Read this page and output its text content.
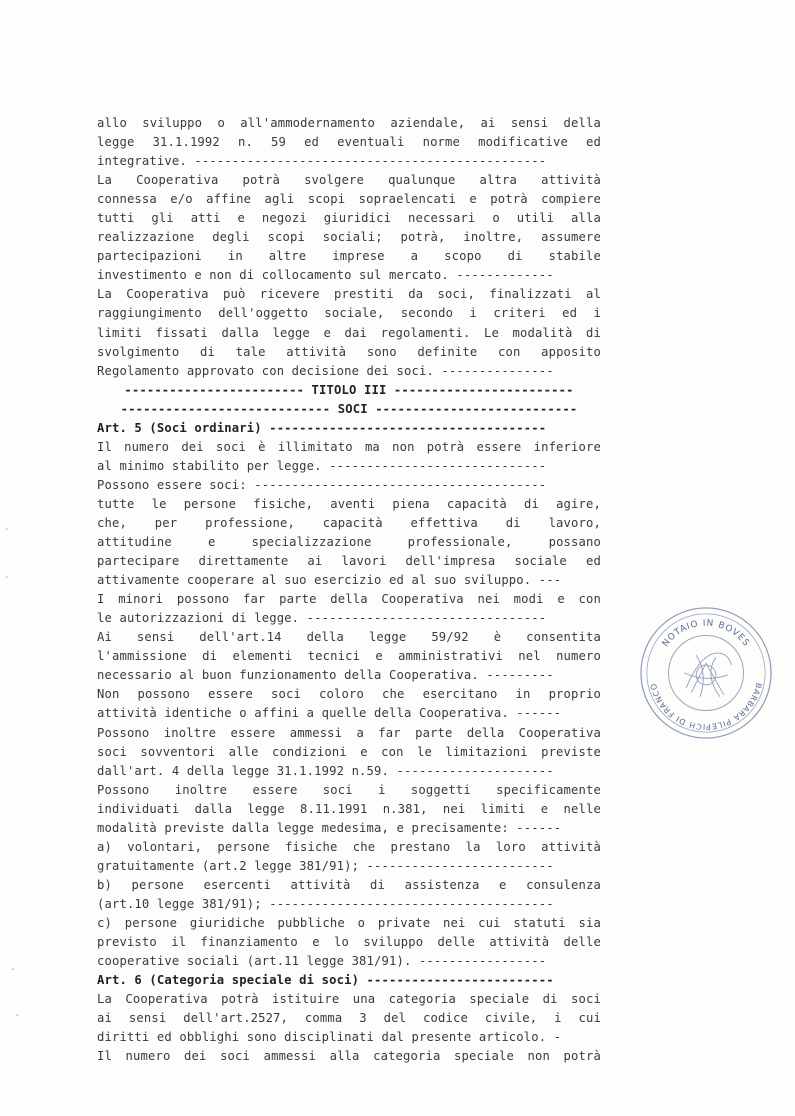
allo sviluppo o all'ammodernamento aziendale, ai sensi della
legge 31.1.1992 n. 59 ed eventuali norme modificative ed
integrative. -----------------------------------------------
La Cooperativa potrà svolgere qualunque altra attività
connessa e/o affine agli scopi sopraelencati e potrà compiere
tutti gli atti e negozi giuridici necessari o utili alla
realizzazione degli scopi sociali; potrà, inoltre, assumere
partecipazioni in altre imprese a scopo di stabile
investimento e non di collocamento sul mercato. -------------
La Cooperativa può ricevere prestiti da soci, finalizzati al
raggiungimento dell'oggetto sociale, secondo i criteri ed i
limiti fissati dalla legge e dai regolamenti. Le modalità di
svolgimento di tale attività sono definite con apposito
Regolamento approvato con decisione dei soci. ---------------
------------------------ TITOLO III ------------------------
---------------------------- SOCI ---------------------------
Art. 5 (Soci ordinari) -------------------------------------
Il numero dei soci è illimitato ma non potrà essere inferiore
al minimo stabilito per legge. -----------------------------
Possono essere soci: ---------------------------------------
tutte le persone fisiche, aventi piena capacità di agire,
che, per professione, capacità effettiva di lavoro,
attitudine e specializzazione professionale, possano
partecipare direttamente ai lavori dell'impresa sociale ed
attivamente cooperare al suo esercizio ed al suo sviluppo. ---
I minori possono far parte della Cooperativa nei modi e con
le autorizzazioni di legge. --------------------------------
Ai sensi dell'art.14 della legge 59/92 è consentita
l'ammissione di elementi tecnici e amministrativi nel numero
necessario al buon funzionamento della Cooperativa. ---------
Non possono essere soci coloro che esercitano in proprio
attività identiche o affini a quelle della Cooperativa. ------
Possono inoltre essere ammessi a far parte della Cooperativa
soci sovventori alle condizioni e con le limitazioni previste
dall'art. 4 della legge 31.1.1992 n.59. ---------------------
Possono inoltre essere soci i soggetti specificamente
individuati dalla legge 8.11.1991 n.381, nei limiti e nelle
modalità previste dalla legge medesima, e precisamente: ------
a) volontari, persone fisiche che prestano la loro attività
gratuitamente (art.2 legge 381/91); -------------------------
b) persone esercenti attività di assistenza e consulenza
(art.10 legge 381/91); --------------------------------------
c) persone giuridiche pubbliche o private nei cui statuti sia
previsto il finanziamento e lo sviluppo delle attività delle
cooperative sociali (art.11 legge 381/91). -----------------
Art. 6 (Categoria speciale di soci) -------------------------
La Cooperativa potrà istituire una categoria speciale di soci
ai sensi dell'art.2527, comma 3 del codice civile, i cui
diritti ed obblighi sono disciplinati dal presente articolo. -
Il numero dei soci ammessi alla categoria speciale non potrà
NOTAIO IN BOVES
BARBARA PILEPICH DI FRANCO
-
-
.
-
